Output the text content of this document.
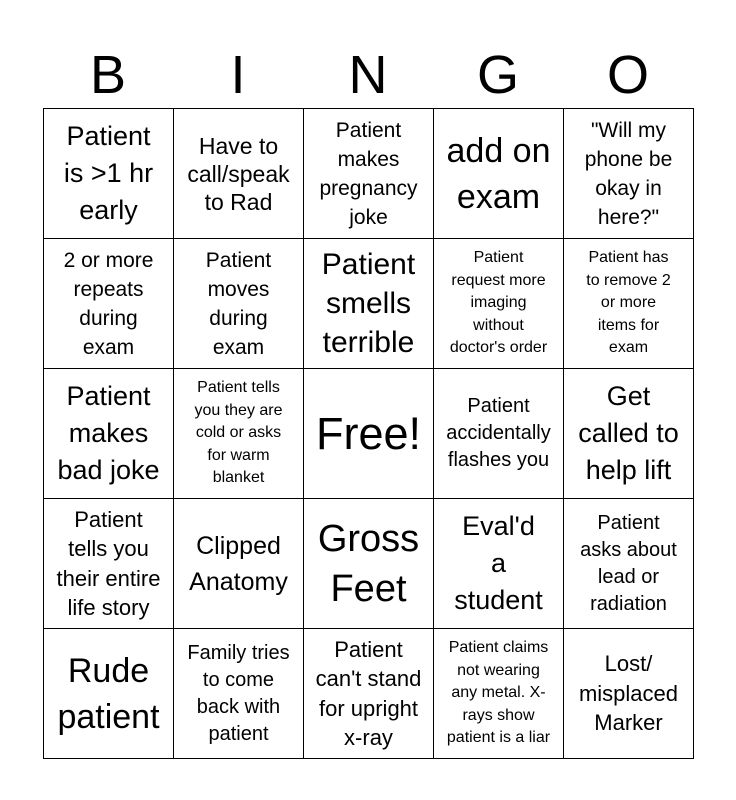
B	I	N	G	O
Patient
is >1 hr
early
Have to
call/speak
to Rad
Patient
makes
pregnancy
joke
add on
exam
"Will my
phone be
okay in
here?"
2 or more
repeats
during
exam
Patient
moves
during
exam
Patient
smells
terrible
Patient
request more
imaging
without
doctor's order
Patient has
to remove 2
or more
items for
exam
Patient
makes
bad joke
Patient tells
you they are
cold or asks
for warm
blanket
Free!
Patient
accidentally
flashes you
Get
called to
help lift
Patient
tells you
their entire
life story
Clipped
Anatomy
Gross
Feet
Eval'd
a
student
Patient
asks about
lead or
radiation
Rude
patient
Family tries
to come
back with
patient
Patient
can't stand
for upright
x-ray
Patient claims
not wearing
any metal. X-
rays show
patient is a liar
Lost/
misplaced
Marker
